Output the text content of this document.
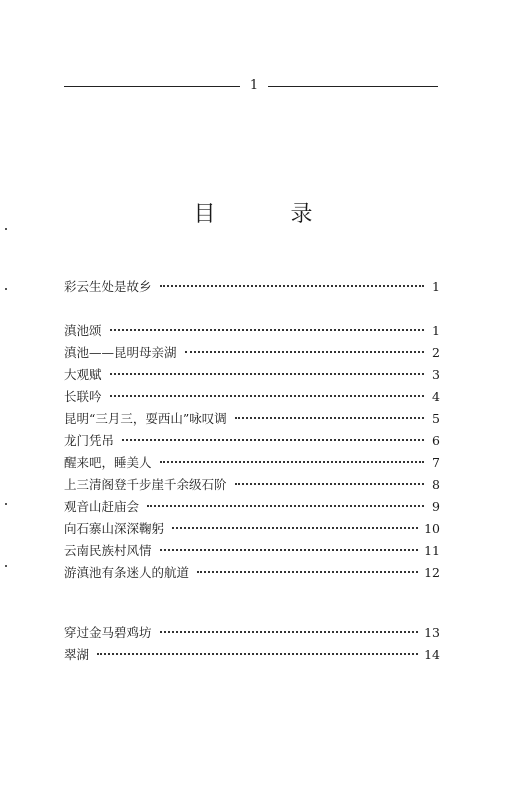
1
目 录
彩云生处是故乡	1
滇池颂	1
滇池——昆明母亲湖	2
大观赋	3
长联吟	4
昆明“三月三，耍西山”咏叹调	5
龙门凭吊	6
醒来吧，睡美人	7
上三清阁登千步崖千余级石阶	8
观音山赶庙会	9
向石寨山深深鞠躬	10
云南民族村风情	11
游滇池有条迷人的航道	12
穿过金马碧鸡坊	13
翠湖	14
